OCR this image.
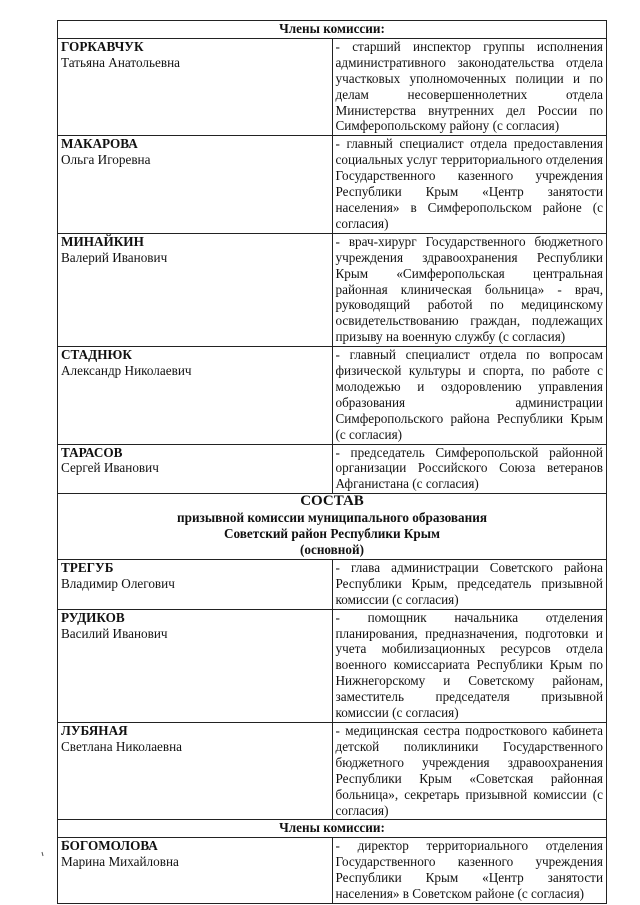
Члены комиссии:	

ГОРКАВЧУК
Татьяна Анатольевна	- старший инспектор группы исполнения административного законодательства отдела участковых уполномоченных полиции и по делам несовершеннолетних отдела Министерства внутренних дел России по Симферопольскому району (с согласия)

МАКАРОВА
Ольга Игоревна	- главный специалист отдела предоставления социальных услуг территориального отделения Государственного казенного учреждения Республики Крым «Центр занятости населения» в Симферопольском районе (с согласия)

МИНАЙКИН
Валерий Иванович	- врач-хирург Государственного бюджетного учреждения здравоохранения Республики Крым «Симферопольская центральная районная клиническая больница» - врач, руководящий работой по медицинскому освидетельствованию граждан, подлежащих призыву на военную службу (с согласия)

СТАДНЮК
Александр Николаевич	- главный специалист отдела по вопросам физической культуры и спорта, по работе с молодежью и оздоровлению управления образования администрации Симферопольского района Республики Крым (с согласия)

ТАРАСОВ
Сергей Иванович	- председатель Симферопольской районной организации Российского Союза ветеранов Афганистана (с согласия)

СОСТАВ
призывной комиссии муниципального образования
Советский район Республики Крым
(основной)	

ТРЕГУБ
Владимир Олегович	- глава администрации Советского района Республики Крым, председатель призывной комиссии (с согласия)

РУДИКОВ
Василий Иванович	- помощник начальника отделения планирования, предназначения, подготовки и учета мобилизационных ресурсов отдела военного комиссариата Республики Крым по Нижнегорскому и Советскому районам, заместитель председателя призывной комиссии (с согласия)

ЛУБЯНАЯ
Светлана Николаевна	- медицинская сестра подросткового кабинета детской поликлиники Государственного бюджетного учреждения здравоохранения Республики Крым «Советская районная больница», секретарь призывной комиссии (с согласия)
Члены комиссии:	

БОГОМОЛОВА
Марина Михайловна	- директор территориального отделения Государственного казенного учреждения Республики Крым «Центр занятости населения» в Советском районе (с согласия)
